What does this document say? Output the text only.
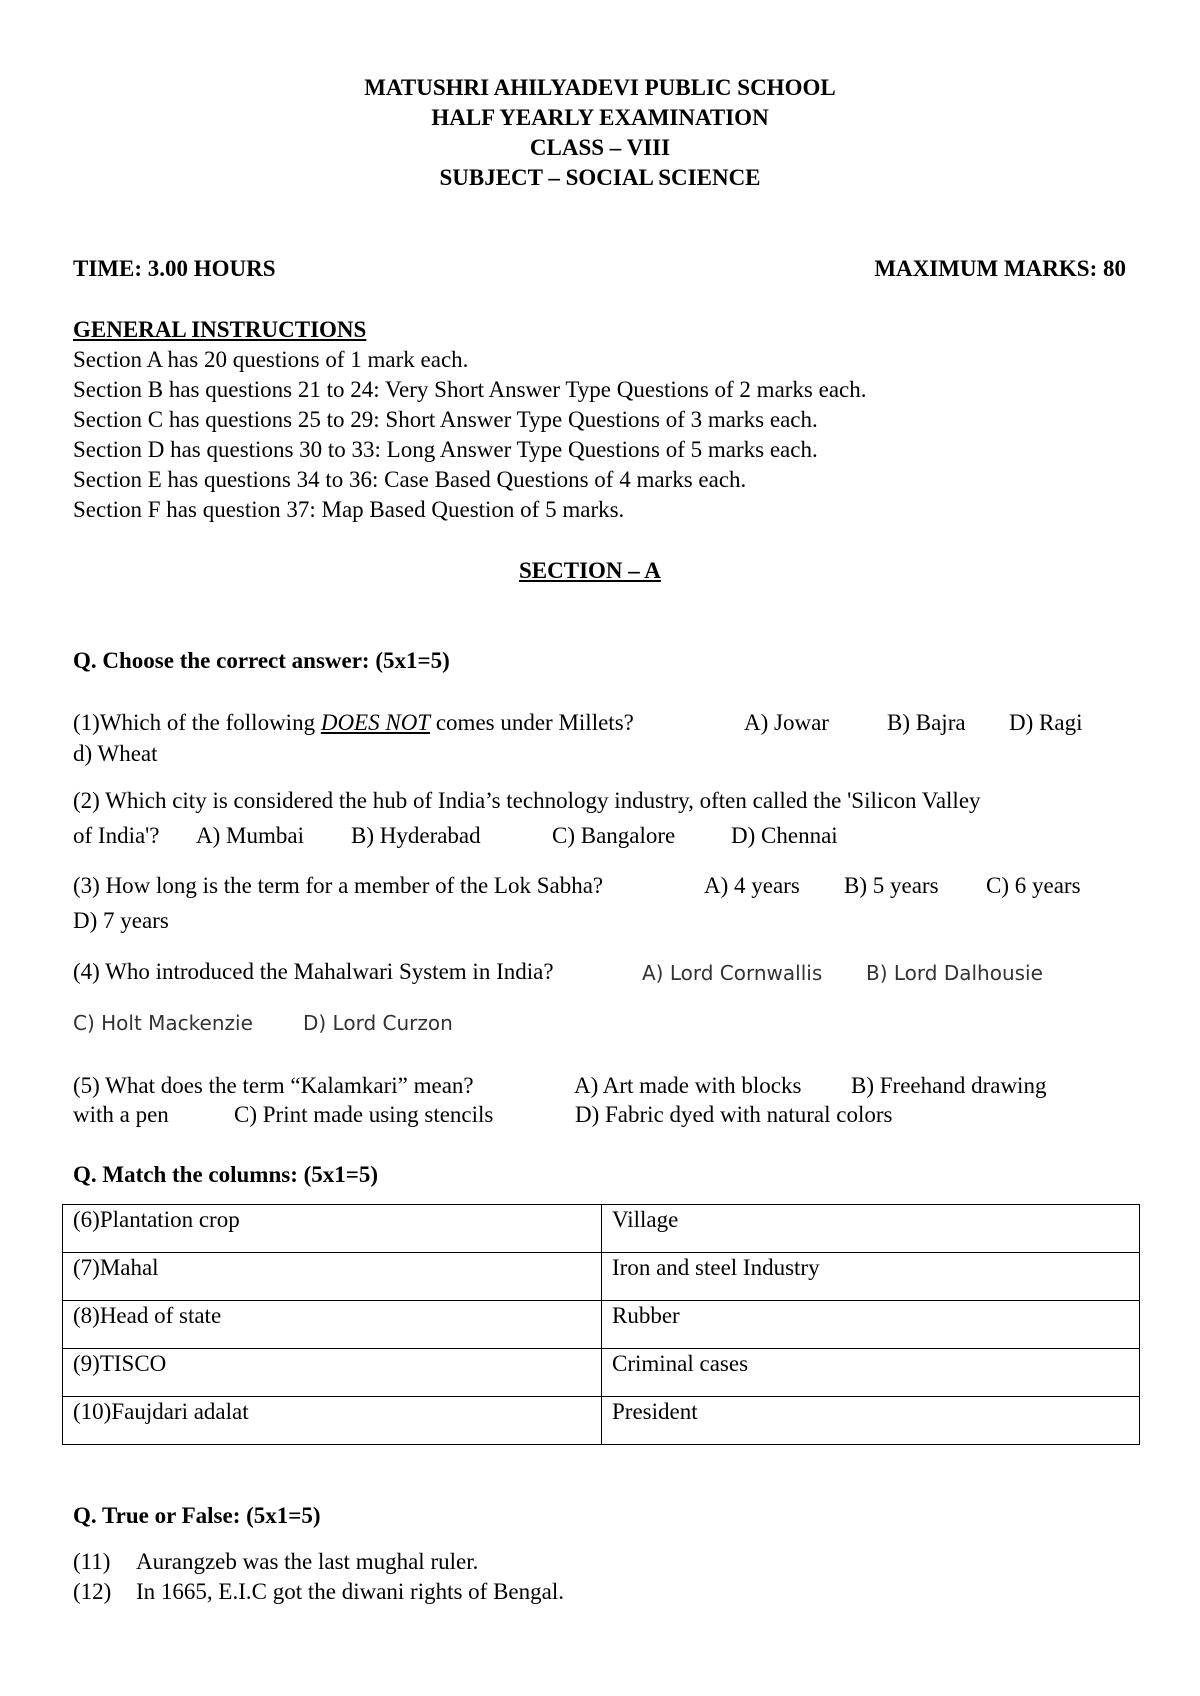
MATUSHRI AHILYADEVI PUBLIC SCHOOL
HALF YEARLY EXAMINATION
CLASS – VIII
SUBJECT – SOCIAL SCIENCE
TIME: 3.00 HOURS	MAXIMUM MARKS: 80
GENERAL INSTRUCTIONS
Section A has 20 questions of 1 mark each.
Section B has questions 21 to 24: Very Short Answer Type Questions of 2 marks each.
Section C has questions 25 to 29: Short Answer Type Questions of 3 marks each.
Section D has questions 30 to 33: Long Answer Type Questions of 5 marks each.
Section E has questions 34 to 36: Case Based Questions of 4 marks each.
Section F has question 37: Map Based Question of 5 marks.
SECTION – A
Q. Choose the correct answer: (5x1=5)
(1)Which of the following DOES NOT comes under Millets?	A) Jowar	B) Bajra D) Ragi
d) Wheat
(2) Which city is considered the hub of India’s technology industry, often called the 'Silicon Valley
of India'? A) Mumbai B) Hyderabad	C) Bangalore D) Chennai
(3) How long is the term for a member of the Lok Sabha?	A) 4 years B) 5 years C) 6 years
D) 7 years
(4) Who introduced the Mahalwari System in India?	A) Lord Cornwallis B) Lord Dalhousie
C) Holt Mackenzie	D) Lord Curzon
(5) What does the term “Kalamkari” mean?	A) Art made with blocks B) Freehand drawing
with a pen	C) Print made using stencils	D) Fabric dyed with natural colors
Q. Match the columns: (5x1=5)
(6)Plantation crop	Village
(7)Mahal	Iron and steel Industry
(8)Head of state	Rubber
(9)TISCO	Criminal cases
(10)Faujdari adalat	President
Q. True or False: (5x1=5)
(11) Aurangzeb was the last mughal ruler.
(12) In 1665, E.I.C got the diwani rights of Bengal.
